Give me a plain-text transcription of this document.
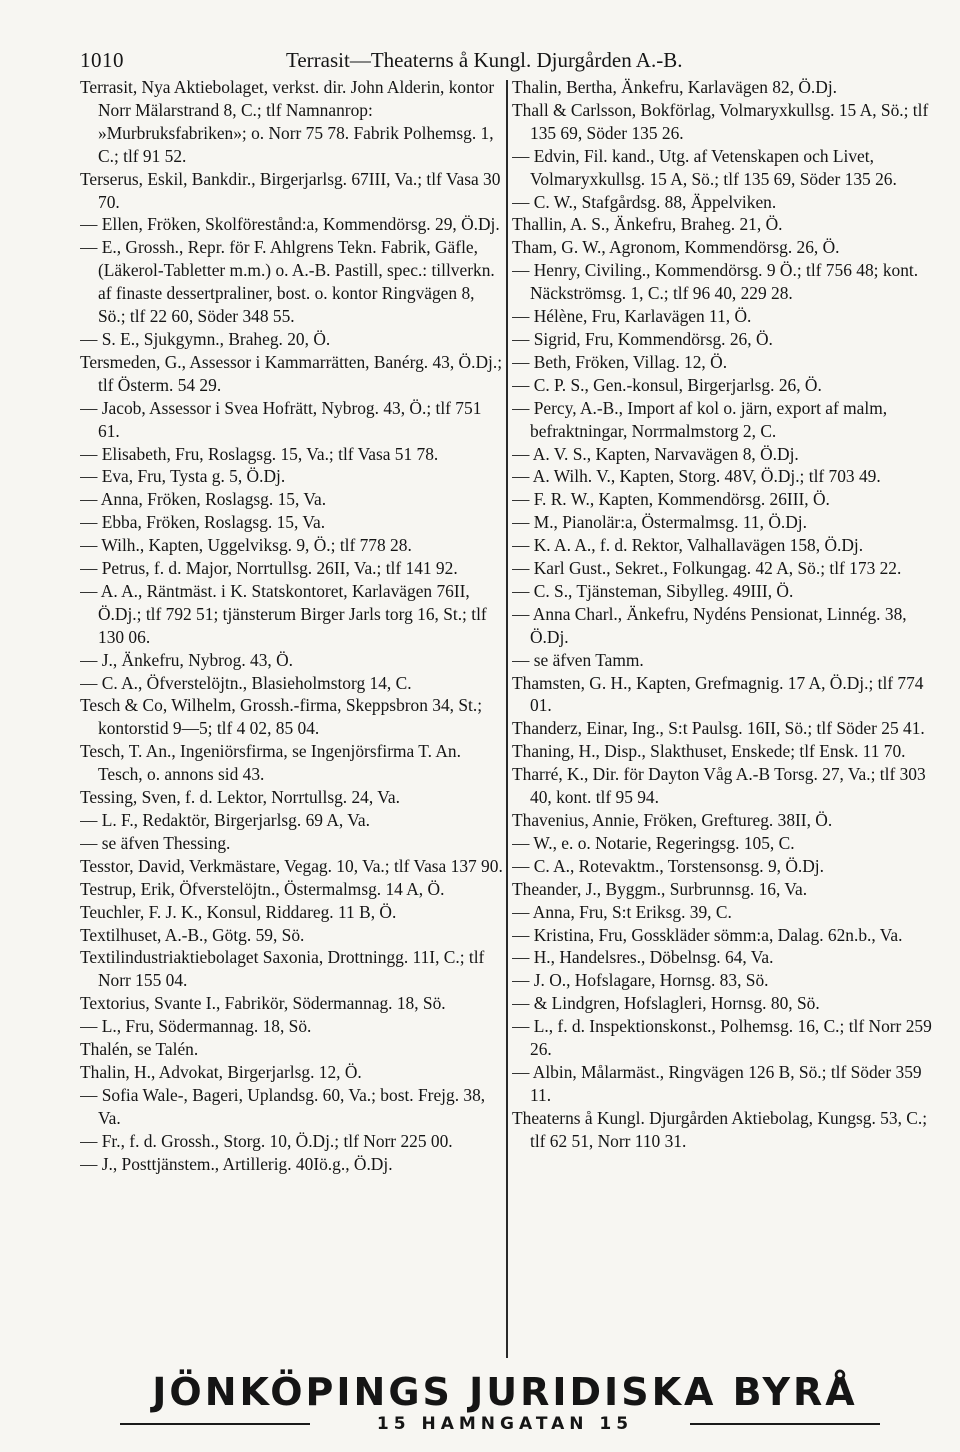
1010	Terrasit—Theaterns å Kungl. Djurgården A.-B.

Terrasit, Nya Aktiebolaget, verkst. dir. John Alderin, kontor Norr Mälarstrand 8, C.; tlf Namnanrop: »Murbruksfabriken»; o. Norr 75 78. Fabrik Polhemsg. 1, C.; tlf 91 52.

Terserus, Eskil, Bankdir., Birgerjarlsg. 67III, Va.; tlf Vasa 30 70.

— Ellen, Fröken, Skolförestånd:a, Kommendörsg. 29, Ö.Dj.

— E., Grossh., Repr. för F. Ahlgrens Tekn. Fabrik, Gäfle, (Läkerol-Tabletter m.m.) o. A.-B. Pastill, spec.: tillverkn. af finaste dessertpraliner, bost. o. kontor Ringvägen 8, Sö.; tlf 22 60, Söder 348 55.

— S. E., Sjukgymn., Braheg. 20, Ö.

Tersmeden, G., Assessor i Kammarrätten, Banérg. 43, Ö.Dj.; tlf Österm. 54 29.

— Jacob, Assessor i Svea Hofrätt, Nybrog. 43, Ö.; tlf 751 61.

— Elisabeth, Fru, Roslagsg. 15, Va.; tlf Vasa 51 78.

— Eva, Fru, Tysta g. 5, Ö.Dj.

— Anna, Fröken, Roslagsg. 15, Va.

— Ebba, Fröken, Roslagsg. 15, Va.

— Wilh., Kapten, Uggelviksg. 9, Ö.; tlf 778 28.

— Petrus, f. d. Major, Norrtullsg. 26II, Va.; tlf 141 92.

— A. A., Räntmäst. i K. Statskontoret, Karlavägen 76II, Ö.Dj.; tlf 792 51; tjänsterum Birger Jarls torg 16, St.; tlf 130 06.

— J., Änkefru, Nybrog. 43, Ö.

— C. A., Öfverstelöjtn., Blasieholmstorg 14, C.

Tesch & Co, Wilhelm, Grossh.-firma, Skeppsbron 34, St.; kontorstid 9—5; tlf 4 02, 85 04.

Tesch, T. An., Ingeniörsfirma, se Ingenjörsfirma T. An. Tesch, o. annons sid 43.

Tessing, Sven, f. d. Lektor, Norrtullsg. 24, Va.

— L. F., Redaktör, Birgerjarlsg. 69 A, Va.

— se äfven Thessing.

Tesstor, David, Verkmästare, Vegag. 10, Va.; tlf Vasa 137 90.

Testrup, Erik, Öfverstelöjtn., Östermalmsg. 14 A, Ö.

Teuchler, F. J. K., Konsul, Riddareg. 11 B, Ö.

Textilhuset, A.-B., Götg. 59, Sö.

Textilindustriaktiebolaget Saxonia, Drottningg. 11I, C.; tlf Norr 155 04.

Textorius, Svante I., Fabrikör, Södermannag. 18, Sö.

— L., Fru, Södermannag. 18, Sö.

Thalén, se Talén.

Thalin, H., Advokat, Birgerjarlsg. 12, Ö.

— Sofia Wale-, Bageri, Uplandsg. 60, Va.; bost. Frejg. 38, Va.

— Fr., f. d. Grossh., Storg. 10, Ö.Dj.; tlf Norr 225 00.

— J., Posttjänstem., Artillerig. 40Iö.g., Ö.Dj.

Thalin, Bertha, Änkefru, Karlavägen 82, Ö.Dj.

Thall & Carlsson, Bokförlag, Volmaryxkullsg. 15 A, Sö.; tlf 135 69, Söder 135 26.

— Edvin, Fil. kand., Utg. af Vetenskapen och Livet, Volmaryxkullsg. 15 A, Sö.; tlf 135 69, Söder 135 26.

— C. W., Stafgårdsg. 88, Äppelviken.

Thallin, A. S., Änkefru, Braheg. 21, Ö.

Tham, G. W., Agronom, Kommendörsg. 26, Ö.

— Henry, Civiling., Kommendörsg. 9 Ö.; tlf 756 48; kont. Näckströmsg. 1, C.; tlf 96 40, 229 28.

— Hélène, Fru, Karlavägen 11, Ö.

— Sigrid, Fru, Kommendörsg. 26, Ö.

— Beth, Fröken, Villag. 12, Ö.

— C. P. S., Gen.-konsul, Birgerjarlsg. 26, Ö.

— Percy, A.-B., Import af kol o. järn, export af malm, befraktningar, Norrmalmstorg 2, C.

— A. V. S., Kapten, Narvavägen 8, Ö.Dj.

— A. Wilh. V., Kapten, Storg. 48V, Ö.Dj.; tlf 703 49.

— F. R. W., Kapten, Kommendörsg. 26III, Ö.

— M., Pianolär:a, Östermalmsg. 11, Ö.Dj.

— K. A. A., f. d. Rektor, Valhallavägen 158, Ö.Dj.

— Karl Gust., Sekret., Folkungag. 42 A, Sö.; tlf 173 22.

— C. S., Tjänsteman, Sibylleg. 49III, Ö.

— Anna Charl., Änkefru, Nydéns Pensionat, Linnég. 38, Ö.Dj.

— se äfven Tamm.

Thamsten, G. H., Kapten, Grefmagnig. 17 A, Ö.Dj.; tlf 774 01.

Thanderz, Einar, Ing., S:t Paulsg. 16II, Sö.; tlf Söder 25 41.

Thaning, H., Disp., Slakthuset, Enskede; tlf Ensk. 11 70.

Tharré, K., Dir. för Dayton Våg A.-B Torsg. 27, Va.; tlf 303 40, kont. tlf 95 94.

Thavenius, Annie, Fröken, Greftureg. 38II, Ö.

— W., e. o. Notarie, Regeringsg. 105, C.

— C. A., Rotevaktm., Torstensonsg. 9, Ö.Dj.

Theander, J., Byggm., Surbrunnsg. 16, Va.

— Anna, Fru, S:t Eriksg. 39, C.

— Kristina, Fru, Gosskläder sömm:a, Dalag. 62n.b., Va.

— H., Handelsres., Döbelnsg. 64, Va.

— J. O., Hofslagare, Hornsg. 83, Sö.

— & Lindgren, Hofslagleri, Hornsg. 80, Sö.

— L., f. d. Inspektionskonst., Polhemsg. 16, C.; tlf Norr 259 26.

— Albin, Målarmäst., Ringvägen 126 B, Sö.; tlf Söder 359 11.

Theaterns å Kungl. Djurgården Aktiebolag, Kungsg. 53, C.; tlf 62 51, Norr 110 31.

JÖNKÖPINGS JURIDISKA BYRÅ
15 HAMNGATAN 15
